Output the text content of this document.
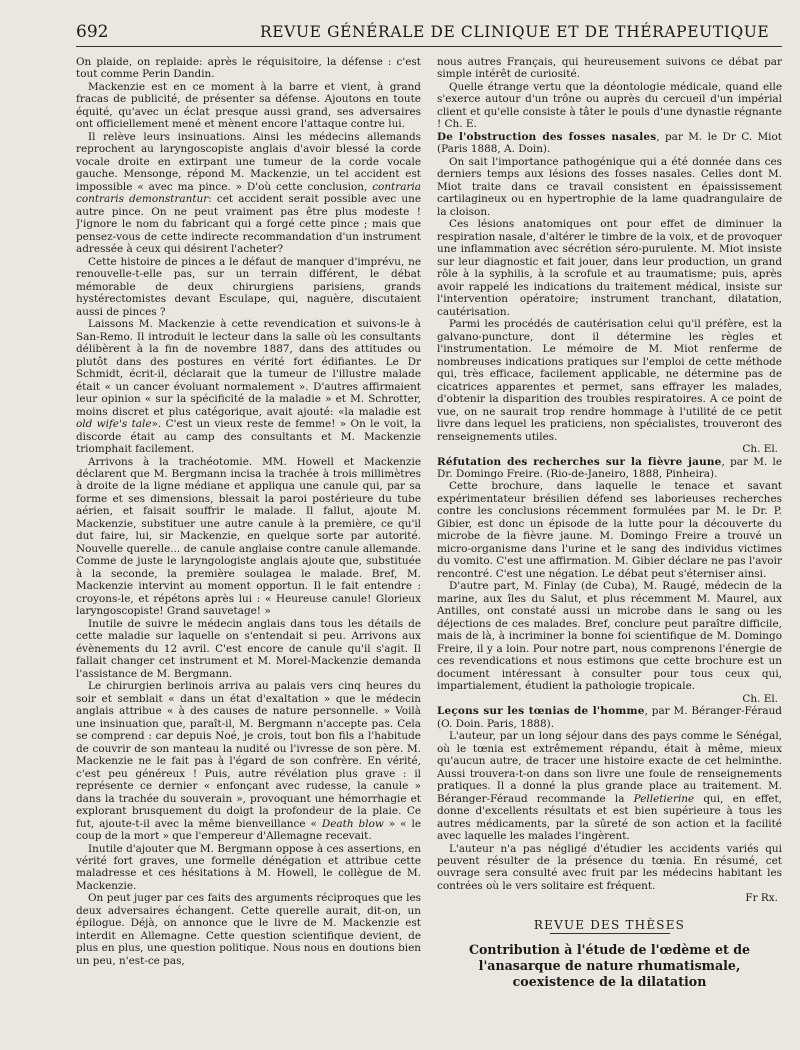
692	REVUE GÉNÉRALE DE CLINIQUE ET DE THÉRAPEUTIQUE

On plaide, on replaide: après le réquisitoire, la défense : c'est tout comme Perin Dandin.

Mackenzie est en ce moment à la barre et vient, à grand fracas de publicité, de présenter sa défense. Ajoutons en toute équité, qu'avec un éclat presque aussi grand, ses adversaires ont officiellement mené et mènent encore l'attaque contre lui.

Il relève leurs insinuations. Ainsi les médecins allemands reprochent au laryngoscopiste anglais d'avoir blessé la corde vocale droite en extirpant une tumeur de la corde vocale gauche. Mensonge, répond M. Mackenzie, un tel accident est impossible « avec ma pince. » D'où cette conclusion, contraria contraris demonstrantur: cet accident serait possible avec une autre pince. On ne peut vraiment pas être plus modeste ! J'ignore le nom du fabricant qui a forgé cette pince ; mais que pensez-vous de cette indirecte recommandation d'un instrument adressée à ceux qui désirent l'acheter?

Cette histoire de pinces a le défaut de manquer d'imprévu, ne renouvelle-t-elle pas, sur un terrain différent, le débat mémorable de deux chirurgiens parisiens, grands hystérectomistes devant Esculape, qui, naguère, discutaient aussi de pinces ?

Laissons M. Mackenzie à cette revendication et suivons-le à San-Remo. Il introduit le lecteur dans la salle où les consultants délibèrent à la fin de novembre 1887, dans des attitudes ou plutôt dans des postures en vérité fort édifiantes. Le Dr Schmidt, écrit-il, déclarait que la tumeur de l'illustre malade était « un cancer évoluant normalement ». D'autres affirmaient leur opinion « sur la spécificité de la maladie » et M. Schrotter, moins discret et plus catégorique, avait ajouté: «la maladie est old wife's tale». C'est un vieux reste de femme! » On le voit, la discorde était au camp des consultants et M. Mackenzie triomphait facilement.

Arrivons à la trachéotomie. MM. Howell et Mackenzie déclarent que M. Bergmann incisa la trachée à trois millimètres à droite de la ligne médiane et appliqua une canule qui, par sa forme et ses dimensions, blessait la paroi postérieure du tube aérien, et faisait souffrir le malade. Il fallut, ajoute M. Mackenzie, substituer une autre canule à la première, ce qu'il dut faire, lui, sir Mackenzie, en quelque sorte par autorité. Nouvelle querelle... de canule anglaise contre canule allemande. Comme de juste le laryngologiste anglais ajoute que, substituée à la seconde, la première soulagea le malade. Bref, M. Mackenzie intervint au moment opportun. Il le fait entendre : croyons-le, et répétons après lui : « Heureuse canule! Glorieux laryngoscopiste! Grand sauvetage! »

Inutile de suivre le médecin anglais dans tous les détails de cette maladie sur laquelle on s'entendait si peu. Arrivons aux évènements du 12 avril. C'est encore de canule qu'il s'agit. Il fallait changer cet instrument et M. Morel-Mackenzie demanda l'assistance de M. Bergmann.

Le chirurgien berlinois arriva au palais vers cinq heures du soir et semblait « dans un état d'exaltation » que le médecin anglais attribue « à des causes de nature personnelle. » Voilà une insinuation que, paraît-il, M. Bergmann n'accepte pas. Cela se comprend : car depuis Noé, je crois, tout bon fils a l'habitude de couvrir de son manteau la nudité ou l'ivresse de son père. M. Mackenzie ne le fait pas à l'égard de son confrère. En vérité, c'est peu généreux ! Puis, autre révélation plus grave : il représente ce dernier « enfonçant avec rudesse, la canule » dans la trachée du souverain », provoquant une hémorrhagie et explorant brusquement du doigt la profondeur de la plaie. Ce fut, ajoute-t-il avec la même bienveillance « Death blow » « le coup de la mort » que l'empereur d'Allemagne recevait.

Inutile d'ajouter que M. Bergmann oppose à ces assertions, en vérité fort graves, une formelle dénégation et attribue cette maladresse et ces hésitations à M. Howell, le collègue de M. Mackenzie.

On peut juger par ces faits des arguments réciproques que les deux adversaires échangent. Cette querelle aurait, dit-on, un épilogue. Déjà, on annonce que le livre de M. Mackenzie est interdit en Allemagne. Cette question scientifique devient, de plus en plus, une question politique. Nous nous en doutions bien un peu, n'est-ce pas,

nous autres Français, qui heureusement suivons ce débat par simple intérêt de curiosité.

Quelle étrange vertu que la déontologie médicale, quand elle s'exerce autour d'un trône ou auprès du cercueil d'un impérial client et qu'elle consiste à tâter le pouls d'une dynastie régnante ! Ch. E.

De l'obstruction des fosses nasales, par M. le Dr C. Miot (Paris 1888, A. Doin).

On sait l'importance pathogénique qui a été donnée dans ces derniers temps aux lésions des fosses nasales. Celles dont M. Miot traite dans ce travail consistent en épaississement cartilagineux ou en hypertrophie de la lame quadrangulaire de la cloison.

Ces lésions anatomiques ont pour effet de diminuer la respiration nasale, d'altérer le timbre de la voix, et de provoquer une inflammation avec sécrétion séro-purulente. M. Miot insiste sur leur diagnostic et fait jouer, dans leur production, un grand rôle à la syphilis, à la scrofule et au traumatisme; puis, après avoir rappelé les indications du traitement médical, insiste sur l'intervention opératoire; instrument tranchant, dilatation, cautérisation.

Parmi les procédés de cautérisation celui qu'il préfère, est la galvano-puncture, dont il détermine les règles et l'instrumentation. Le mémoire de M. Miot renferme de nombreuses indications pratiques sur l'emploi de cette méthode qui, très efficace, facilement applicable, ne détermine pas de cicatrices apparentes et permet, sans effrayer les malades, d'obtenir la disparition des troubles respiratoires. A ce point de vue, on ne saurait trop rendre hommage à l'utilité de ce petit livre dans lequel les praticiens, non spécialistes, trouveront des renseignements utiles.

Ch. El.

Réfutation des recherches sur la fièvre jaune, par M. le Dr. Domingo Freire. (Rio-de-Janeiro, 1888, Pinheira).

Cette brochure, dans laquelle le tenace et savant expérimentateur brésilien défend ses laborieuses recherches contre les conclusions récemment formulées par M. le Dr. P. Gibier, est donc un épisode de la lutte pour la découverte du microbe de la fièvre jaune. M. Domingo Freire a trouvé un micro-organisme dans l'urine et le sang des individus victimes du vomito. C'est une affirmation. M. Gibier déclare ne pas l'avoir rencontré. C'est une négation. Le débat peut s'éterniser ainsi.

D'autre part, M. Finlay (de Cuba), M. Raugé, médecin de la marine, aux îles du Salut, et plus récemment M. Maurel, aux Antilles, ont constaté aussi un microbe dans le sang ou les déjections de ces malades. Bref, conclure peut paraître difficile, mais de là, à incriminer la bonne foi scientifique de M. Domingo Freire, il y a loin. Pour notre part, nous comprenons l'énergie de ces revendications et nous estimons que cette brochure est un document intéressant à consulter pour tous ceux qui, impartialement, étudient la pathologie tropicale.

Ch. El.

Leçons sur les tœnias de l'homme, par M. Béranger-Féraud (O. Doin. Paris, 1888).

L'auteur, par un long séjour dans des pays comme le Sénégal, où le tœnia est extrêmement répandu, était à même, mieux qu'aucun autre, de tracer une histoire exacte de cet helminthe. Aussi trouvera-t-on dans son livre une foule de renseignements pratiques. Il a donné la plus grande place au traitement. M. Béranger-Féraud recommande la Pelletierine qui, en effet, donne d'excellents résultats et est bien supérieure à tous les autres médicaments, par la sûreté de son action et la facilité avec laquelle les malades l'ingèrent.

L'auteur n'a pas négligé d'étudier les accidents variés qui peuvent résulter de la présence du tœnia. En résumé, cet ouvrage sera consulté avec fruit par les médecins habitant les contrées où le vers solitaire est fréquent.

Fr Rx.
REVUE DES THÈSES
Contribution à l'étude de l'œdème et de l'anasarque de nature rhumatismale, coexistence de la dilatation
